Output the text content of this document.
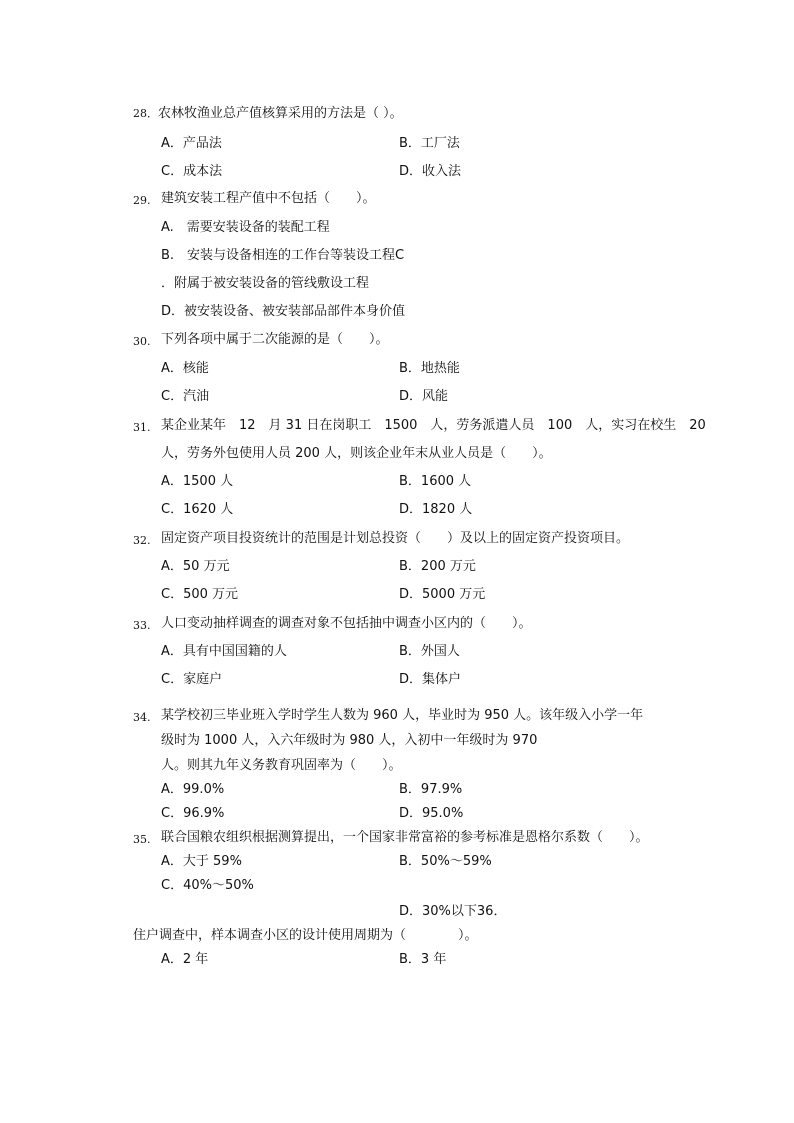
28．农林牧渔业总产值核算采用的方法是（ ）。
A．产品法	B．工厂法
C．成本法	D．收入法
29. 建筑安装工程产值中不包括（　　）。
A.　需要安装设备的装配工程
B.　安装与设备相连的工作台等装设工程C
．附属于被安装设备的管线敷设工程
D．被安装设备、被安装部品部件本身价值
30. 下列各项中属于二次能源的是（　　）。
A．核能	B．地热能
C．汽油	D．风能
31. 某企业某年　12　月 31 日在岗职工　1500　人，劳务派遣人员　100　人，实习在校生　20
人，劳务外包使用人员 200 人，则该企业年末从业人员是（　　）。
A．1500 人	B．1600 人
C．1620 人	D．1820 人
32. 固定资产项目投资统计的范围是计划总投资（　　）及以上的固定资产投资项目。
A．50 万元	B．200 万元
C．500 万元	D．5000 万元
33. 人口变动抽样调查的调查对象不包括抽中调查小区内的（　　）。
A．具有中国国籍的人	B．外国人
C．家庭户	D．集体户
34. 某学校初三毕业班入学时学生人数为 960 人，毕业时为 950 人。该年级入小学一年
级时为 1000 人，入六年级时为 980 人，入初中一年级时为 970
人。则其九年义务教育巩固率为（　　）。
A．99.0%	B．97.9%
C．96.9%	D．95.0%
35. 联合国粮农组织根据测算提出，一个国家非常富裕的参考标准是恩格尔系数（　　）。
A．大于 59%	B．50%～59%
C．40%～50%
D．30%以下36．
住户调查中，样本调查小区的设计使用周期为（　　　　）。
A．2 年	B．3 年
